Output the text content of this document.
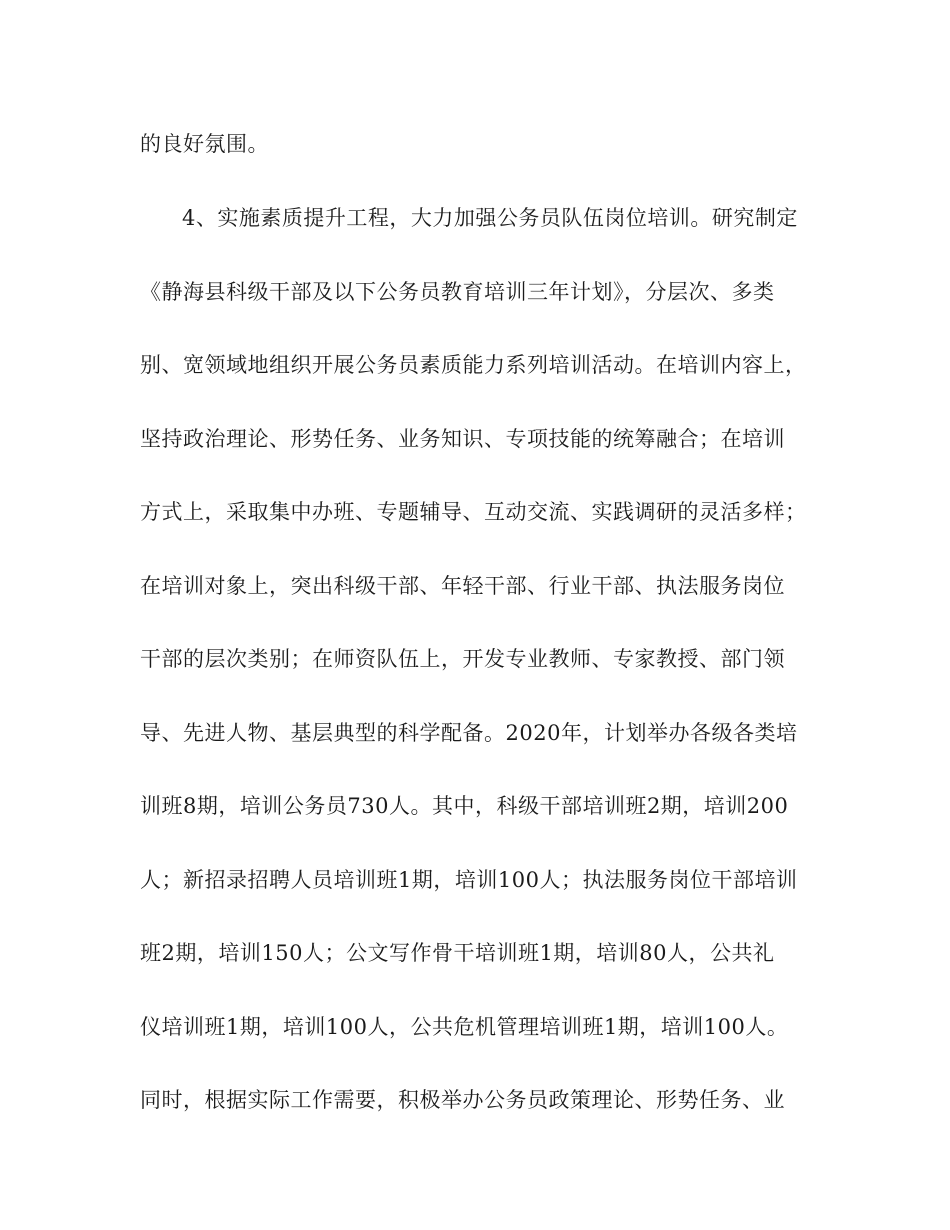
的良好氛围。
4、实施素质提升工程，大力加强公务员队伍岗位培训。研究制定
《静海县科级干部及以下公务员教育培训三年计划》，分层次、多类
别、宽领域地组织开展公务员素质能力系列培训活动。在培训内容上，
坚持政治理论、形势任务、业务知识、专项技能的统筹融合；在培训
方式上，采取集中办班、专题辅导、互动交流、实践调研的灵活多样；
在培训对象上，突出科级干部、年轻干部、行业干部、执法服务岗位
干部的层次类别；在师资队伍上，开发专业教师、专家教授、部门领
导、先进人物、基层典型的科学配备。2020年，计划举办各级各类培
训班8期，培训公务员730人。其中，科级干部培训班2期，培训200
人；新招录招聘人员培训班1期，培训100人；执法服务岗位干部培训
班2期，培训150人；公文写作骨干培训班1期，培训80人，公共礼
仪培训班1期，培训100人，公共危机管理培训班1期，培训100人。
同时，根据实际工作需要，积极举办公务员政策理论、形势任务、业
